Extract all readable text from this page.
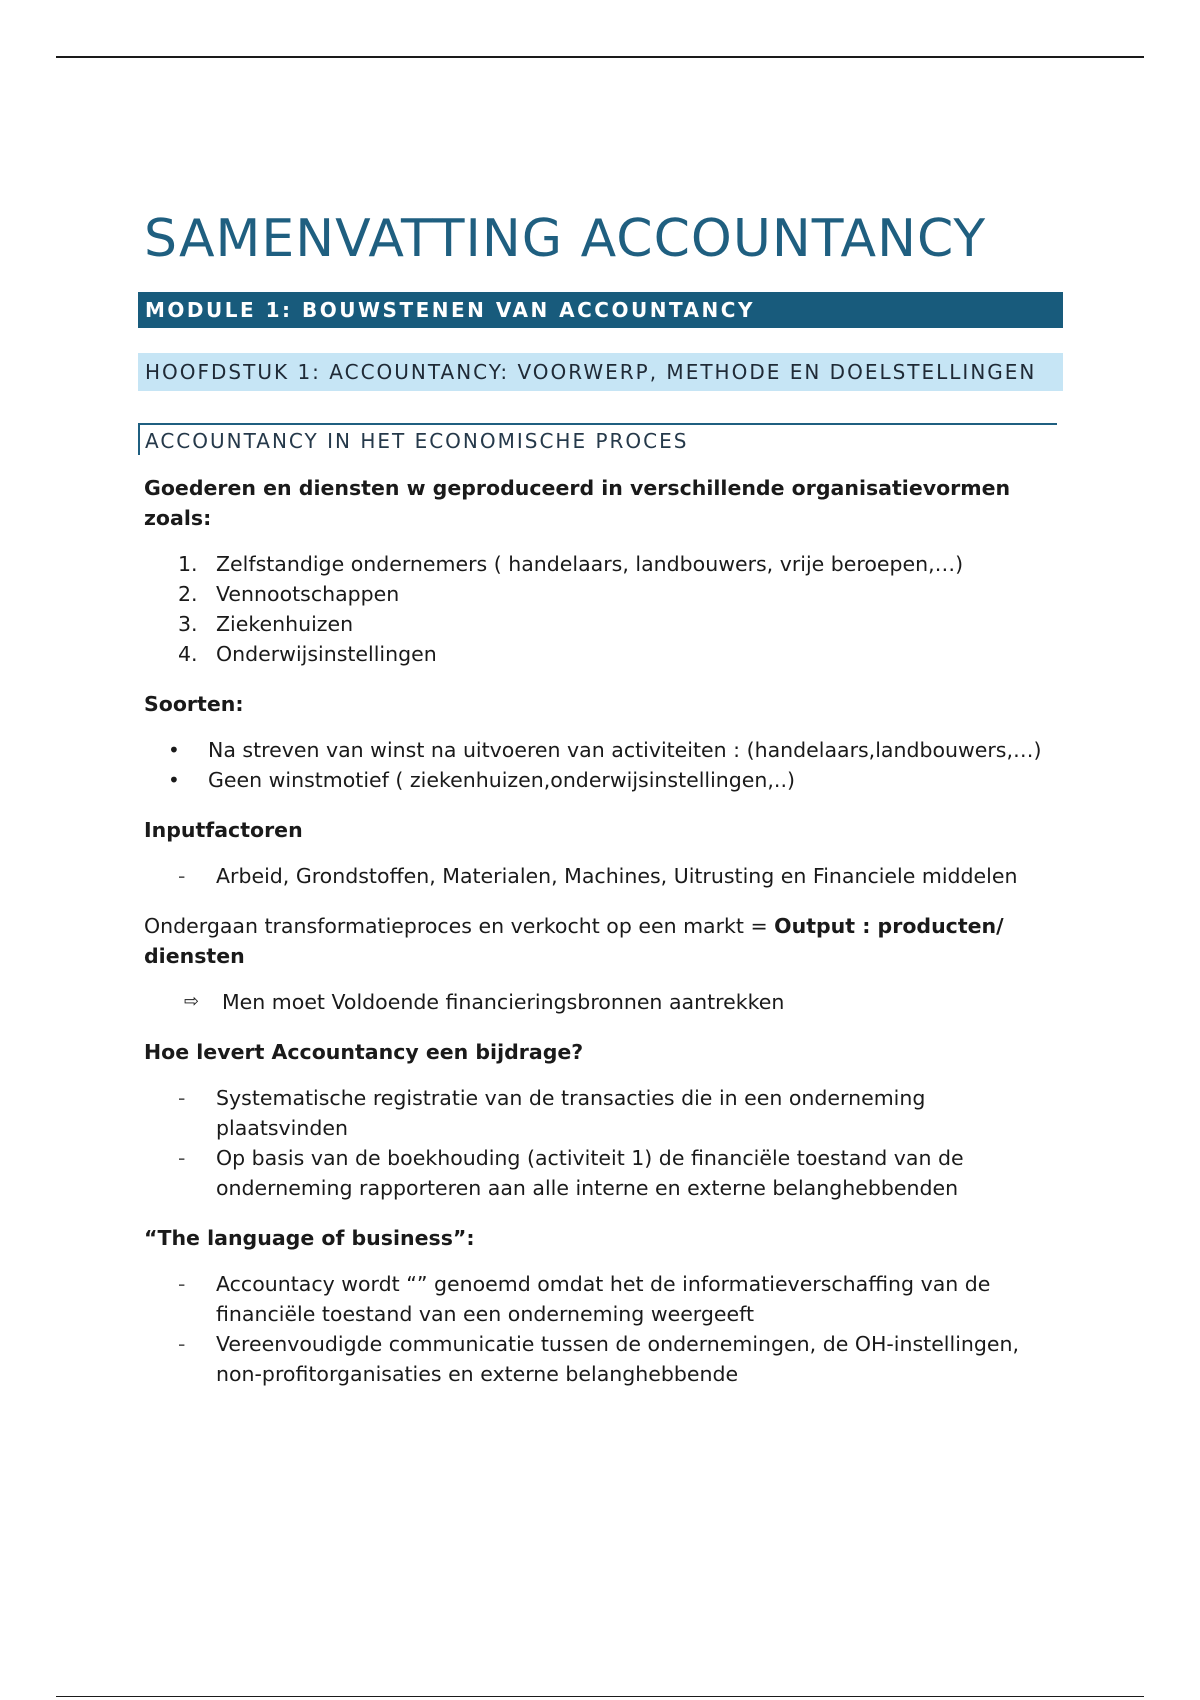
SAMENVATTING ACCOUNTANCY
MODULE 1: BOUWSTENEN VAN ACCOUNTANCY
HOOFDSTUK 1: ACCOUNTANCY: VOORWERP, METHODE EN DOELSTELLINGEN
ACCOUNTANCY IN HET ECONOMISCHE PROCES

Goederen en diensten w geproduceerd in verschillende organisatievormen zoals:

1. Zelfstandige ondernemers ( handelaars, landbouwers, vrije beroepen,…)
2. Vennootschappen
3. Ziekenhuizen
4. Onderwijsinstellingen

Soorten:

• Na streven van winst na uitvoeren van activiteiten : (handelaars,landbouwers,…)
• Geen winstmotief ( ziekenhuizen,onderwijsinstellingen,..)

Inputfactoren

- Arbeid, Grondstoffen, Materialen, Machines, Uitrusting en Financiele middelen

Ondergaan transformatieproces en verkocht op een markt = Output : producten/ diensten

⇨ Men moet Voldoende financieringsbronnen aantrekken

Hoe levert Accountancy een bijdrage?

- Systematische registratie van de transacties die in een onderneming plaatsvinden
- Op basis van de boekhouding (activiteit 1) de financiële toestand van de onderneming rapporteren aan alle interne en externe belanghebbenden

“The language of business”:

- Accountacy wordt “” genoemd omdat het de informatieverschaffing van de financiële toestand van een onderneming weergeeft
- Vereenvoudigde communicatie tussen de ondernemingen, de OH-instellingen, non-profitorganisaties en externe belanghebbende
